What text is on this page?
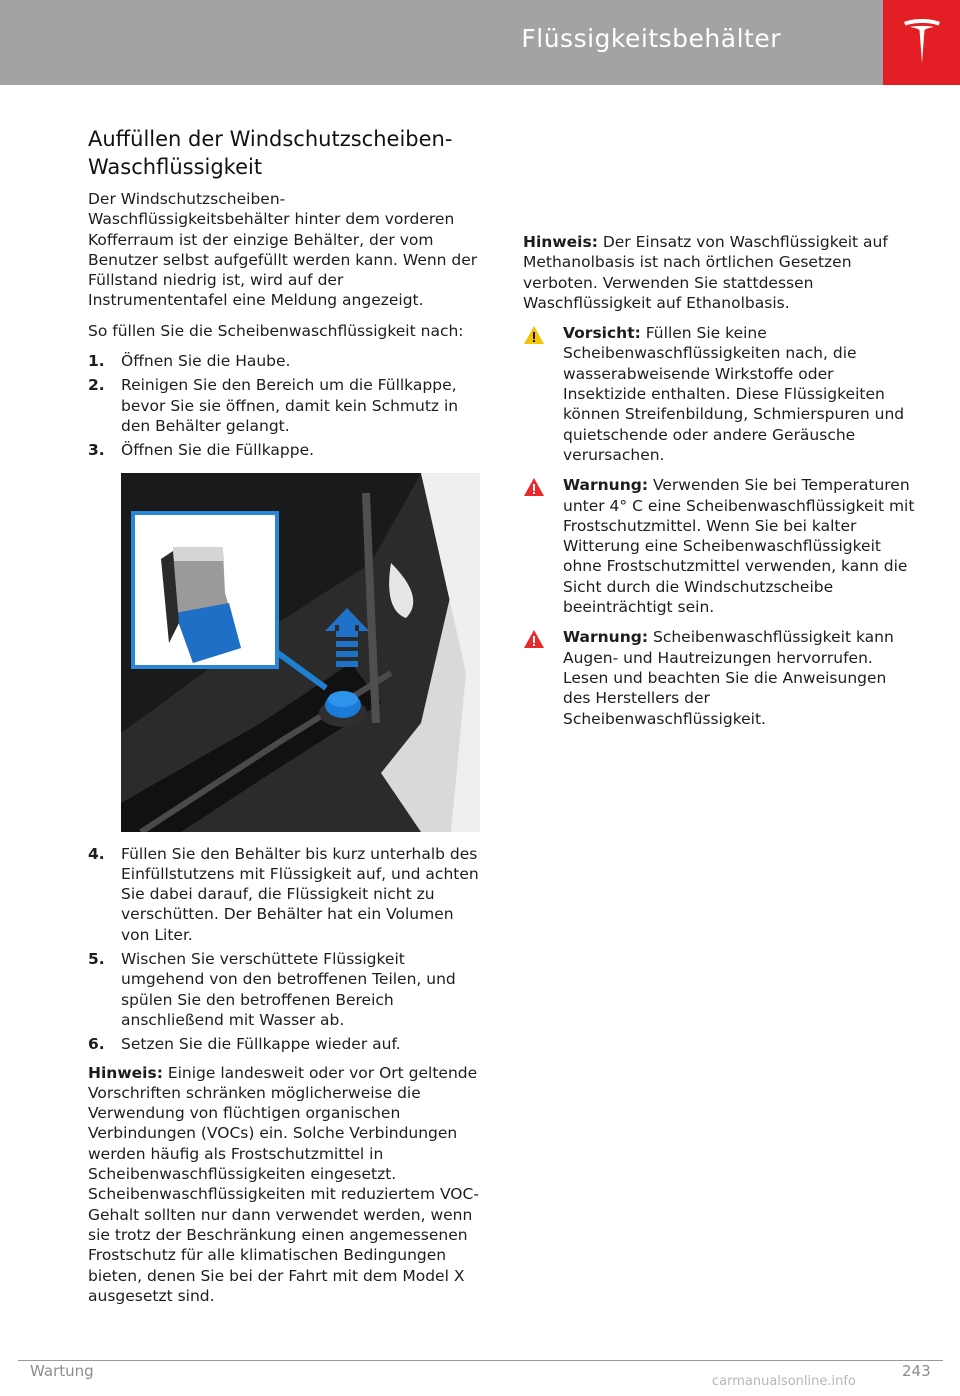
Flüssigkeitsbehälter
Auffüllen der Windschutzscheiben-
Waschflüssigkeit

Der Windschutzscheiben-Waschflüssigkeitsbehälter hinter dem vorderen Kofferraum ist der einzige Behälter, der vom Benutzer selbst aufgefüllt werden kann. Wenn der Füllstand niedrig ist, wird auf der Instrumententafel eine Meldung angezeigt.

So füllen Sie die Scheibenwaschflüssigkeit nach:

1.	Öffnen Sie die Haube.
2.	Reinigen Sie den Bereich um die Füllkappe, bevor Sie sie öffnen, damit kein Schmutz in den Behälter gelangt.
3.	Öffnen Sie die Füllkappe.
4.	Füllen Sie den Behälter bis kurz unterhalb des Einfüllstutzens mit Flüssigkeit auf, und achten Sie dabei darauf, die Flüssigkeit nicht zu verschütten. Der Behälter hat ein Volumen von Liter.
5.	Wischen Sie verschüttete Flüssigkeit umgehend von den betroffenen Teilen, und spülen Sie den betroffenen Bereich anschließend mit Wasser ab.
6.	Setzen Sie die Füllkappe wieder auf.

Hinweis: Einige landesweit oder vor Ort geltende Vorschriften schränken möglicherweise die Verwendung von flüchtigen organischen Verbindungen (VOCs) ein. Solche Verbindungen werden häufig als Frostschutzmittel in Scheibenwaschflüssigkeiten eingesetzt. Scheibenwaschflüssigkeiten mit reduziertem VOC-Gehalt sollten nur dann verwendet werden, wenn sie trotz der Beschränkung einen angemessenen Frostschutz für alle klimatischen Bedingungen bieten, denen Sie bei der Fahrt mit dem Model X ausgesetzt sind.

Hinweis: Der Einsatz von Waschflüssigkeit auf Methanolbasis ist nach örtlichen Gesetzen verboten. Verwenden Sie stattdessen Waschflüssigkeit auf Ethanolbasis.

Vorsicht: Füllen Sie keine Scheibenwaschflüssigkeiten nach, die wasserabweisende Wirkstoffe oder Insektizide enthalten. Diese Flüssigkeiten können Streifenbildung, Schmierspuren und quietschende oder andere Geräusche verursachen.
Warnung: Verwenden Sie bei Temperaturen unter 4° C eine Scheibenwaschflüssigkeit mit Frostschutzmittel. Wenn Sie bei kalter Witterung eine Scheibenwaschflüssigkeit ohne Frostschutzmittel verwenden, kann die Sicht durch die Windschutzscheibe beeinträchtigt sein.
Warnung: Scheibenwaschflüssigkeit kann Augen- und Hautreizungen hervorrufen. Lesen und beachten Sie die Anweisungen des Herstellers der Scheibenwaschflüssigkeit.
Wartung	243
carmanualsonline.info
